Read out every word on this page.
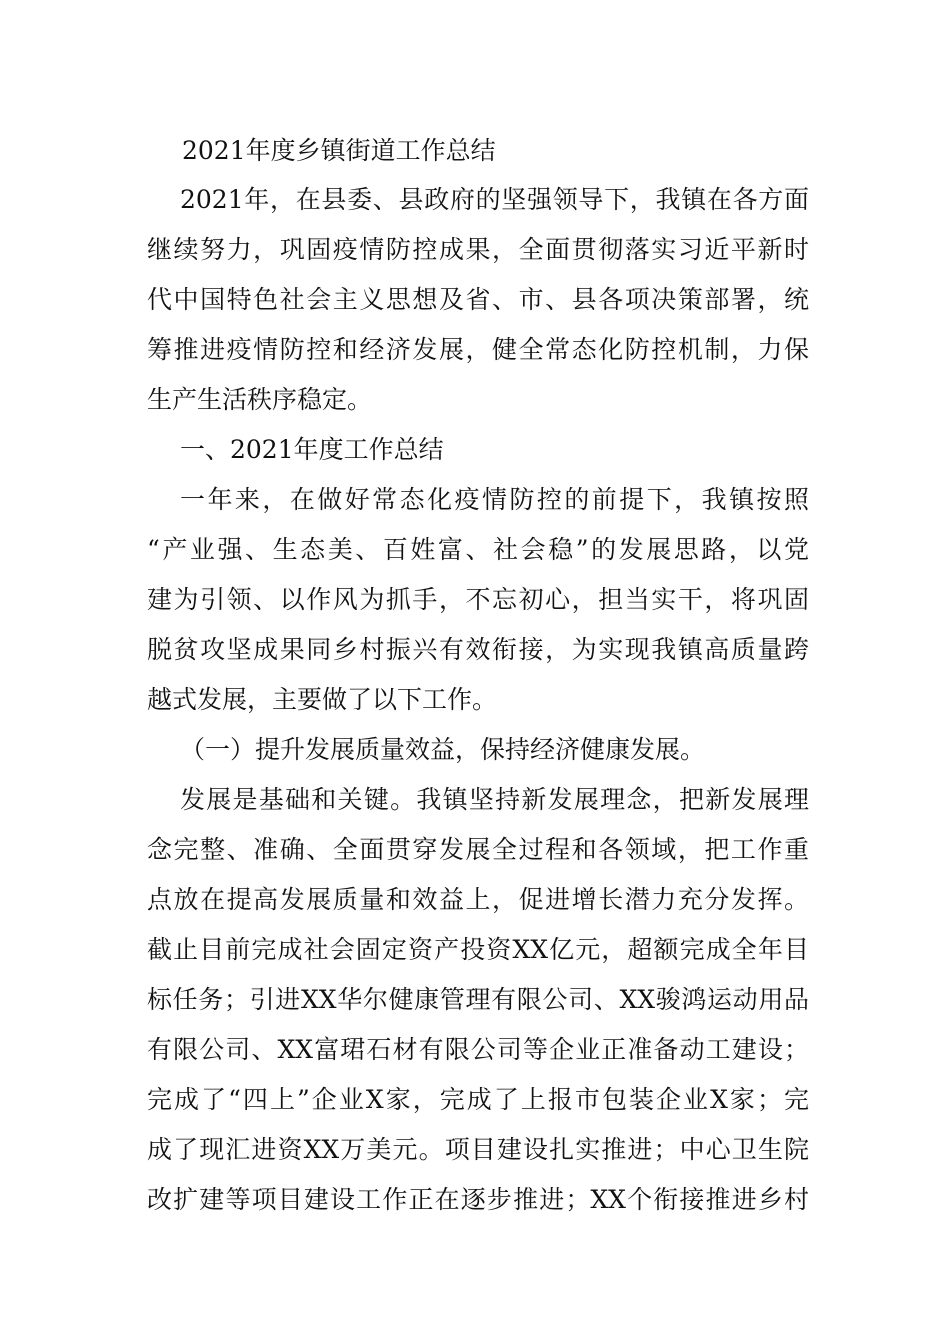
2021年度乡镇街道工作总结
2021年，在县委、县政府的坚强领导下，我镇在各方面
继续努力，巩固疫情防控成果，全面贯彻落实习近平新时
代中国特色社会主义思想及省、市、县各项决策部署，统
筹推进疫情防控和经济发展，健全常态化防控机制，力保
生产生活秩序稳定。
一、2021年度工作总结
一年来，在做好常态化疫情防控的前提下，我镇按照
“产业强、生态美、百姓富、社会稳”的发展思路，以党
建为引领、以作风为抓手，不忘初心，担当实干，将巩固
脱贫攻坚成果同乡村振兴有效衔接，为实现我镇高质量跨
越式发展，主要做了以下工作。
（一）提升发展质量效益，保持经济健康发展。
发展是基础和关键。我镇坚持新发展理念，把新发展理
念完整、准确、全面贯穿发展全过程和各领域，把工作重
点放在提高发展质量和效益上，促进增长潜力充分发挥。
截止目前完成社会固定资产投资XX亿元，超额完成全年目
标任务；引进XX华尔健康管理有限公司、XX骏鸿运动用品
有限公司、XX富珺石材有限公司等企业正准备动工建设；
完成了“四上”企业X家，完成了上报市包装企业X家；完
成了现汇进资XX万美元。项目建设扎实推进；中心卫生院
改扩建等项目建设工作正在逐步推进；XX个衔接推进乡村
